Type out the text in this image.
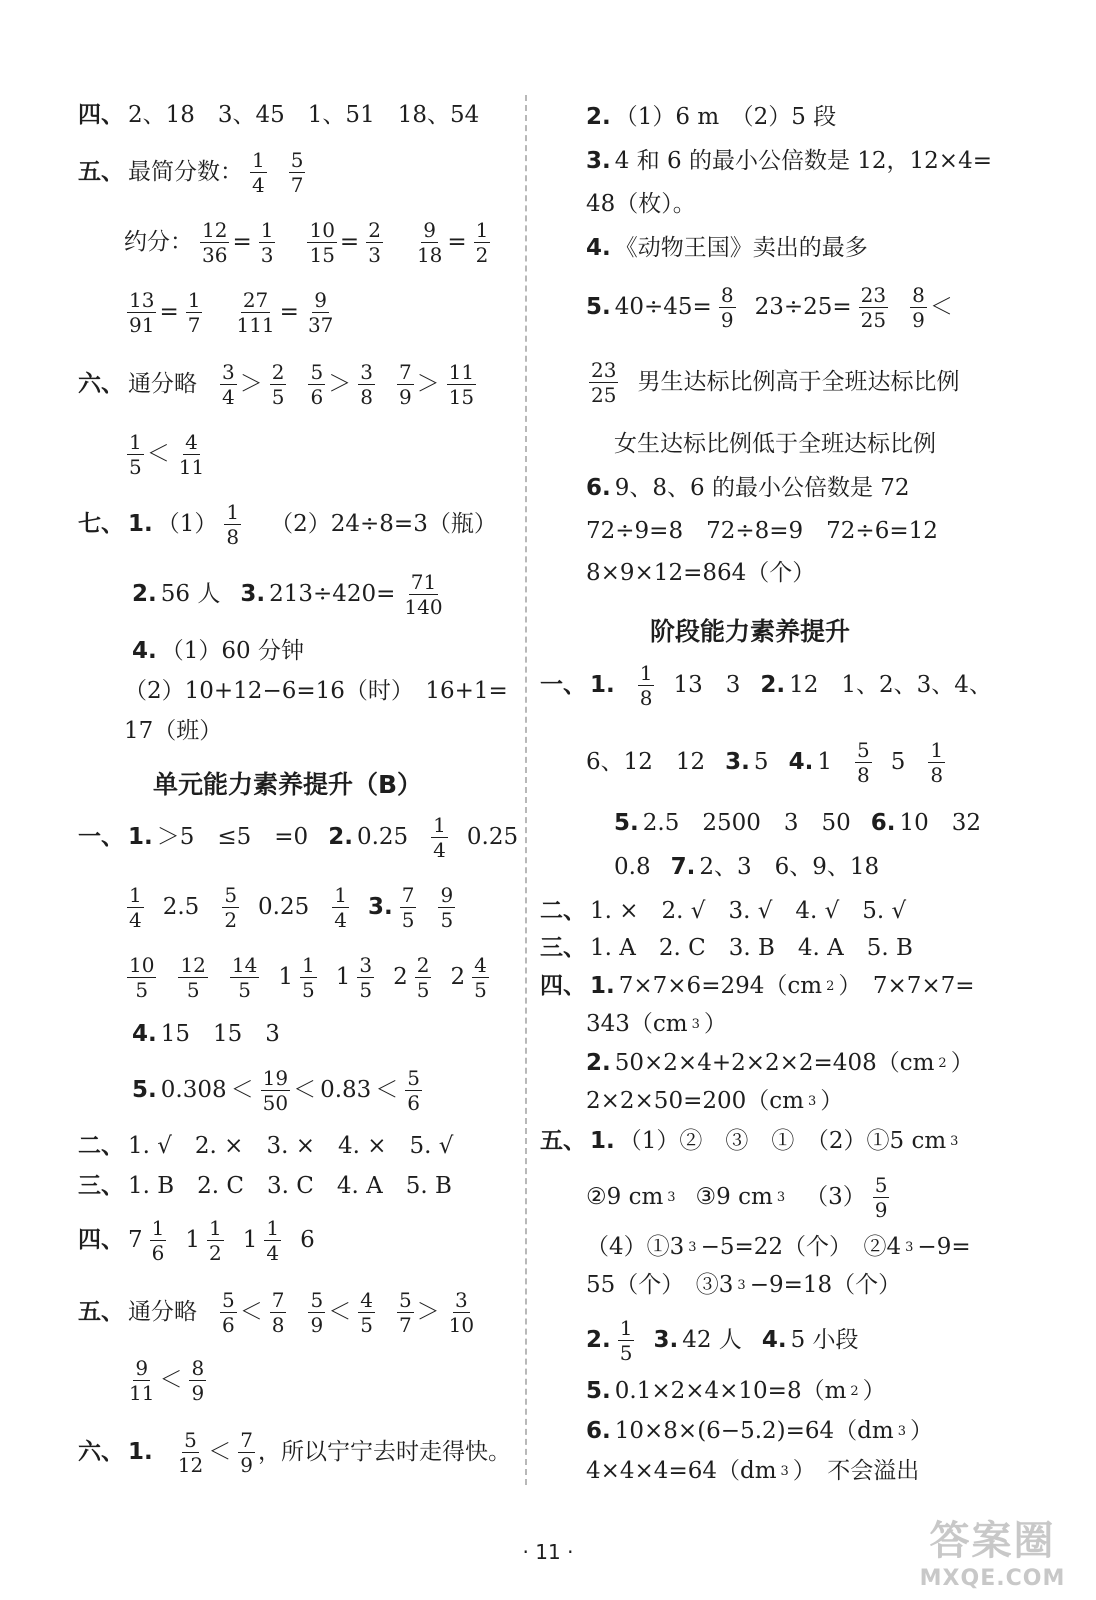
四、 2、18　3、45　1、51　18、54
五、 最简分数： $\frac{1}{4} \frac{5}{7}$
约分： $\frac{12}{36} = \frac{1}{3} \frac{10}{15} = \frac{2}{3} \frac{9}{18} = \frac{1}{2}$
$\frac{13}{91} = \frac{1}{7} \frac{27}{111} = \frac{9}{37}$
六、 通分略 $\frac{3}{4} > \frac{2}{5} \frac{5}{6} > \frac{3}{8} \frac{7}{9} > \frac{11}{15}$
$\frac{1}{5} < \frac{4}{11}$
七、 1. $(1) \frac{1}{8} (2)24\div 8=3$（瓶）
2. 56 人 3. $213\div 420= \frac{71}{140}$
4. （1）60 分钟
（2）10+12−6=16（时）　16+1=
17（班）
单元能力素养提升（B）
一、 1. ＞5　≤5　=0 2. $0.25 \frac{1}{4} 0.25$
$\frac{1}{4} 2.5 \frac{5}{2} 0.25 \frac{1}{4} 3$. $\frac{7}{5} \frac{9}{5}$
$\frac{10}{5} \frac{12}{5} \frac{14}{5} 1 \frac{1}{5} 1 \frac{3}{5} 2 \frac{2}{5} 2 \frac{4}{5}$
4. 15　15　3
5. $0.308 < \frac{19}{50} < 0.83 < \frac{5}{6}$
二、 1. √　2. ×　3. ×　4. ×　5. √
三、 1. B　2. C　3. C　4. A　5. B
四、 $7 \frac{1}{6} 1 \frac{1}{2} 1 \frac{1}{4} 6$
五、 通分略 $\frac{5}{6} < \frac{7}{8} \frac{5}{9} < \frac{4}{5} \frac{5}{7} > \frac{3}{10}$
$\frac{9}{11} < \frac{8}{9}$
六、 1. $\frac{5}{12} < \frac{7}{9}$ ，所以宁宁去时走得快。
2. （1）6 m　（2）5 段
3. 4 和 6 的最小公倍数是 12，12×4=
48（枚）。
4. 《动物王国》卖出的最多
5. $40\div 45= \frac{8}{9} 23\div 25= \frac{23}{25} \frac{8}{9}$ ＜
$\frac{23}{25}$ 男生达标比例高于全班达标比例
女生达标比例低于全班达标比例
6. 9、8、6 的最小公倍数是 72
72÷9=8　72÷8=9　72÷6=12
8×9×12=864（个）
阶段能力素养提升
一、 1. $\frac{1}{8} 13$　3 2. 12　1、2、3、4、
6、12　12 3. 5 4. $1 \frac{5}{8} 5 \frac{1}{8}$
5. 2.5　2500　3　50 6. 10　32
0.8 7. 2、3　6、9、18
二、 1. ×　2. √　3. √　4. √　5. √
三、 1. A　2. C　3. B　4. A　5. B
四、 1. 7×7×6=294（cm 2 ）　7×7×7=
343（cm 3 ）
2. 50×2×4+2×2×2=408（cm 2 ）
2×2×50=200（cm 3 ）
五、 1. （1）②　③　①　（2）①5 cm 3
②9 cm 3 ③9 cm 3 $(3) \frac{5}{9}$
（4）①3 3 −5=22（个）　②4 3 −9=
55（个）　③3 3 −9=18（个）
2. $\frac{1}{5} 3$. 42 人 4. 5 小段
5. 0.1×2×4×10=8（m 2 ）
6. 10×8×(6−5.2)=64（dm 3 ）
4×4×4=64（dm 3 ）　不会溢出
· 11 ·	答案圈
MXQE.COM
